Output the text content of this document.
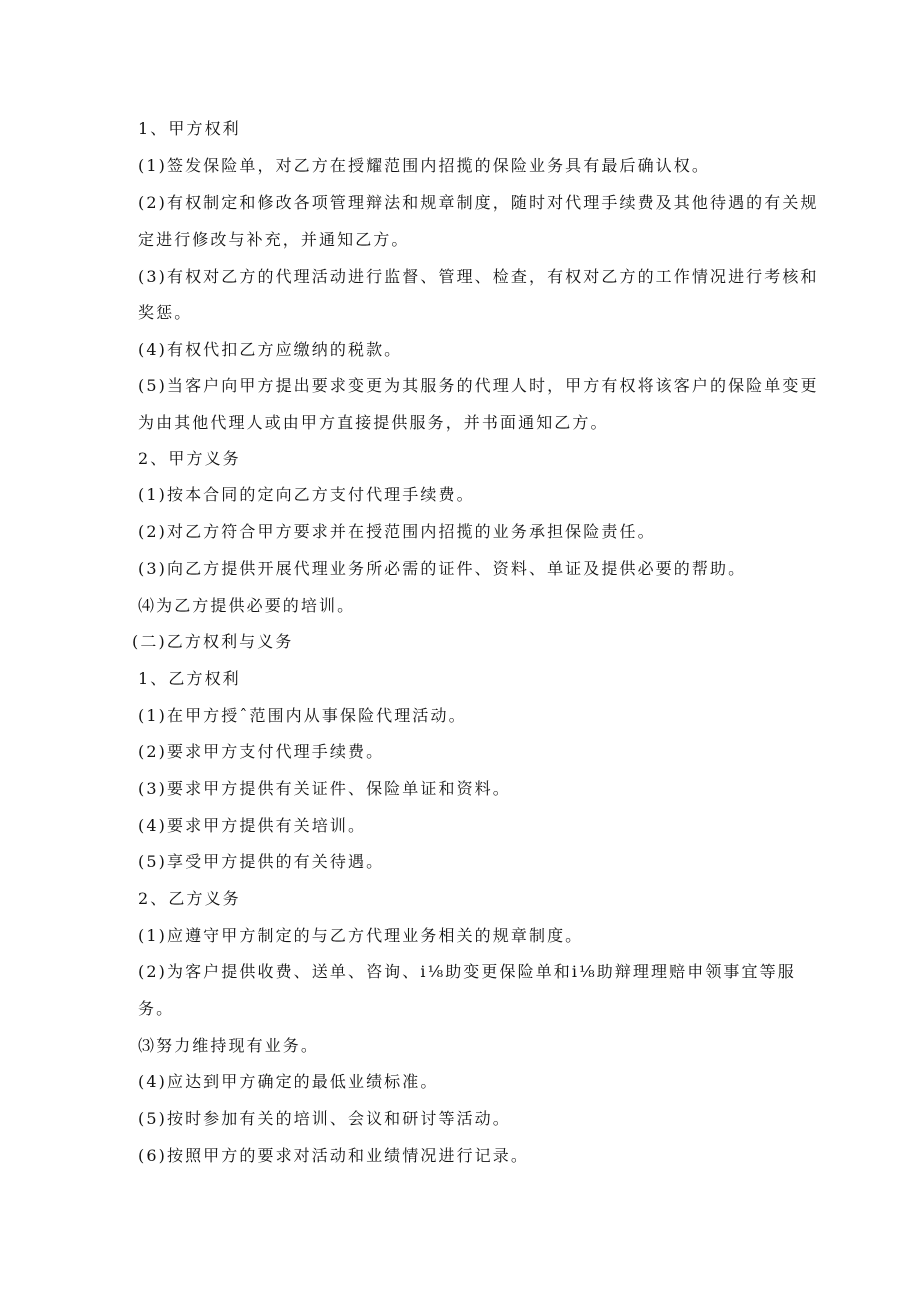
1、甲方权利
(1)签发保险单，对乙方在授耀范围内招揽的保险业务具有最后确认权。
(2)有权制定和修改各项管理辩法和规章制度，随时对代理手续费及其他待遇的有关规
定进行修改与补充，并通知乙方。
(3)有权对乙方的代理活动进行监督、管理、检查，有权对乙方的工作情况进行考核和
奖惩。
(4)有权代扣乙方应缴纳的税款。
(5)当客户向甲方提出要求变更为其服务的代理人时，甲方有权将该客户的保险单变更
为由其他代理人或由甲方直接提供服务，并书面通知乙方。
2、甲方义务
(1)按本合同的定向乙方支付代理手续费。
(2)对乙方符合甲方要求并在授范围内招揽的业务承担保险责任。
(3)向乙方提供开展代理业务所必需的证件、资料、单证及提供必要的帮助。
⑷为乙方提供必要的培训。
(二)乙方权利与义务
1、乙方权利
(1)在甲方授ˆ范围内从事保险代理活动。
(2)要求甲方支付代理手续费。
(3)要求甲方提供有关证件、保险单证和资料。
(4)要求甲方提供有关培训。
(5)享受甲方提供的有关待遇。
2、乙方义务
(1)应遵守甲方制定的与乙方代理业务相关的规章制度。
(2)为客户提供收费、送单、咨询、i⅛助变更保险单和i⅛助辩理理赔申领事宜等服
务。
⑶努力维持现有业务。
(4)应达到甲方确定的最低业绩标准。
(5)按时参加有关的培训、会议和研讨等活动。
(6)按照甲方的要求对活动和业绩情况进行记录。
